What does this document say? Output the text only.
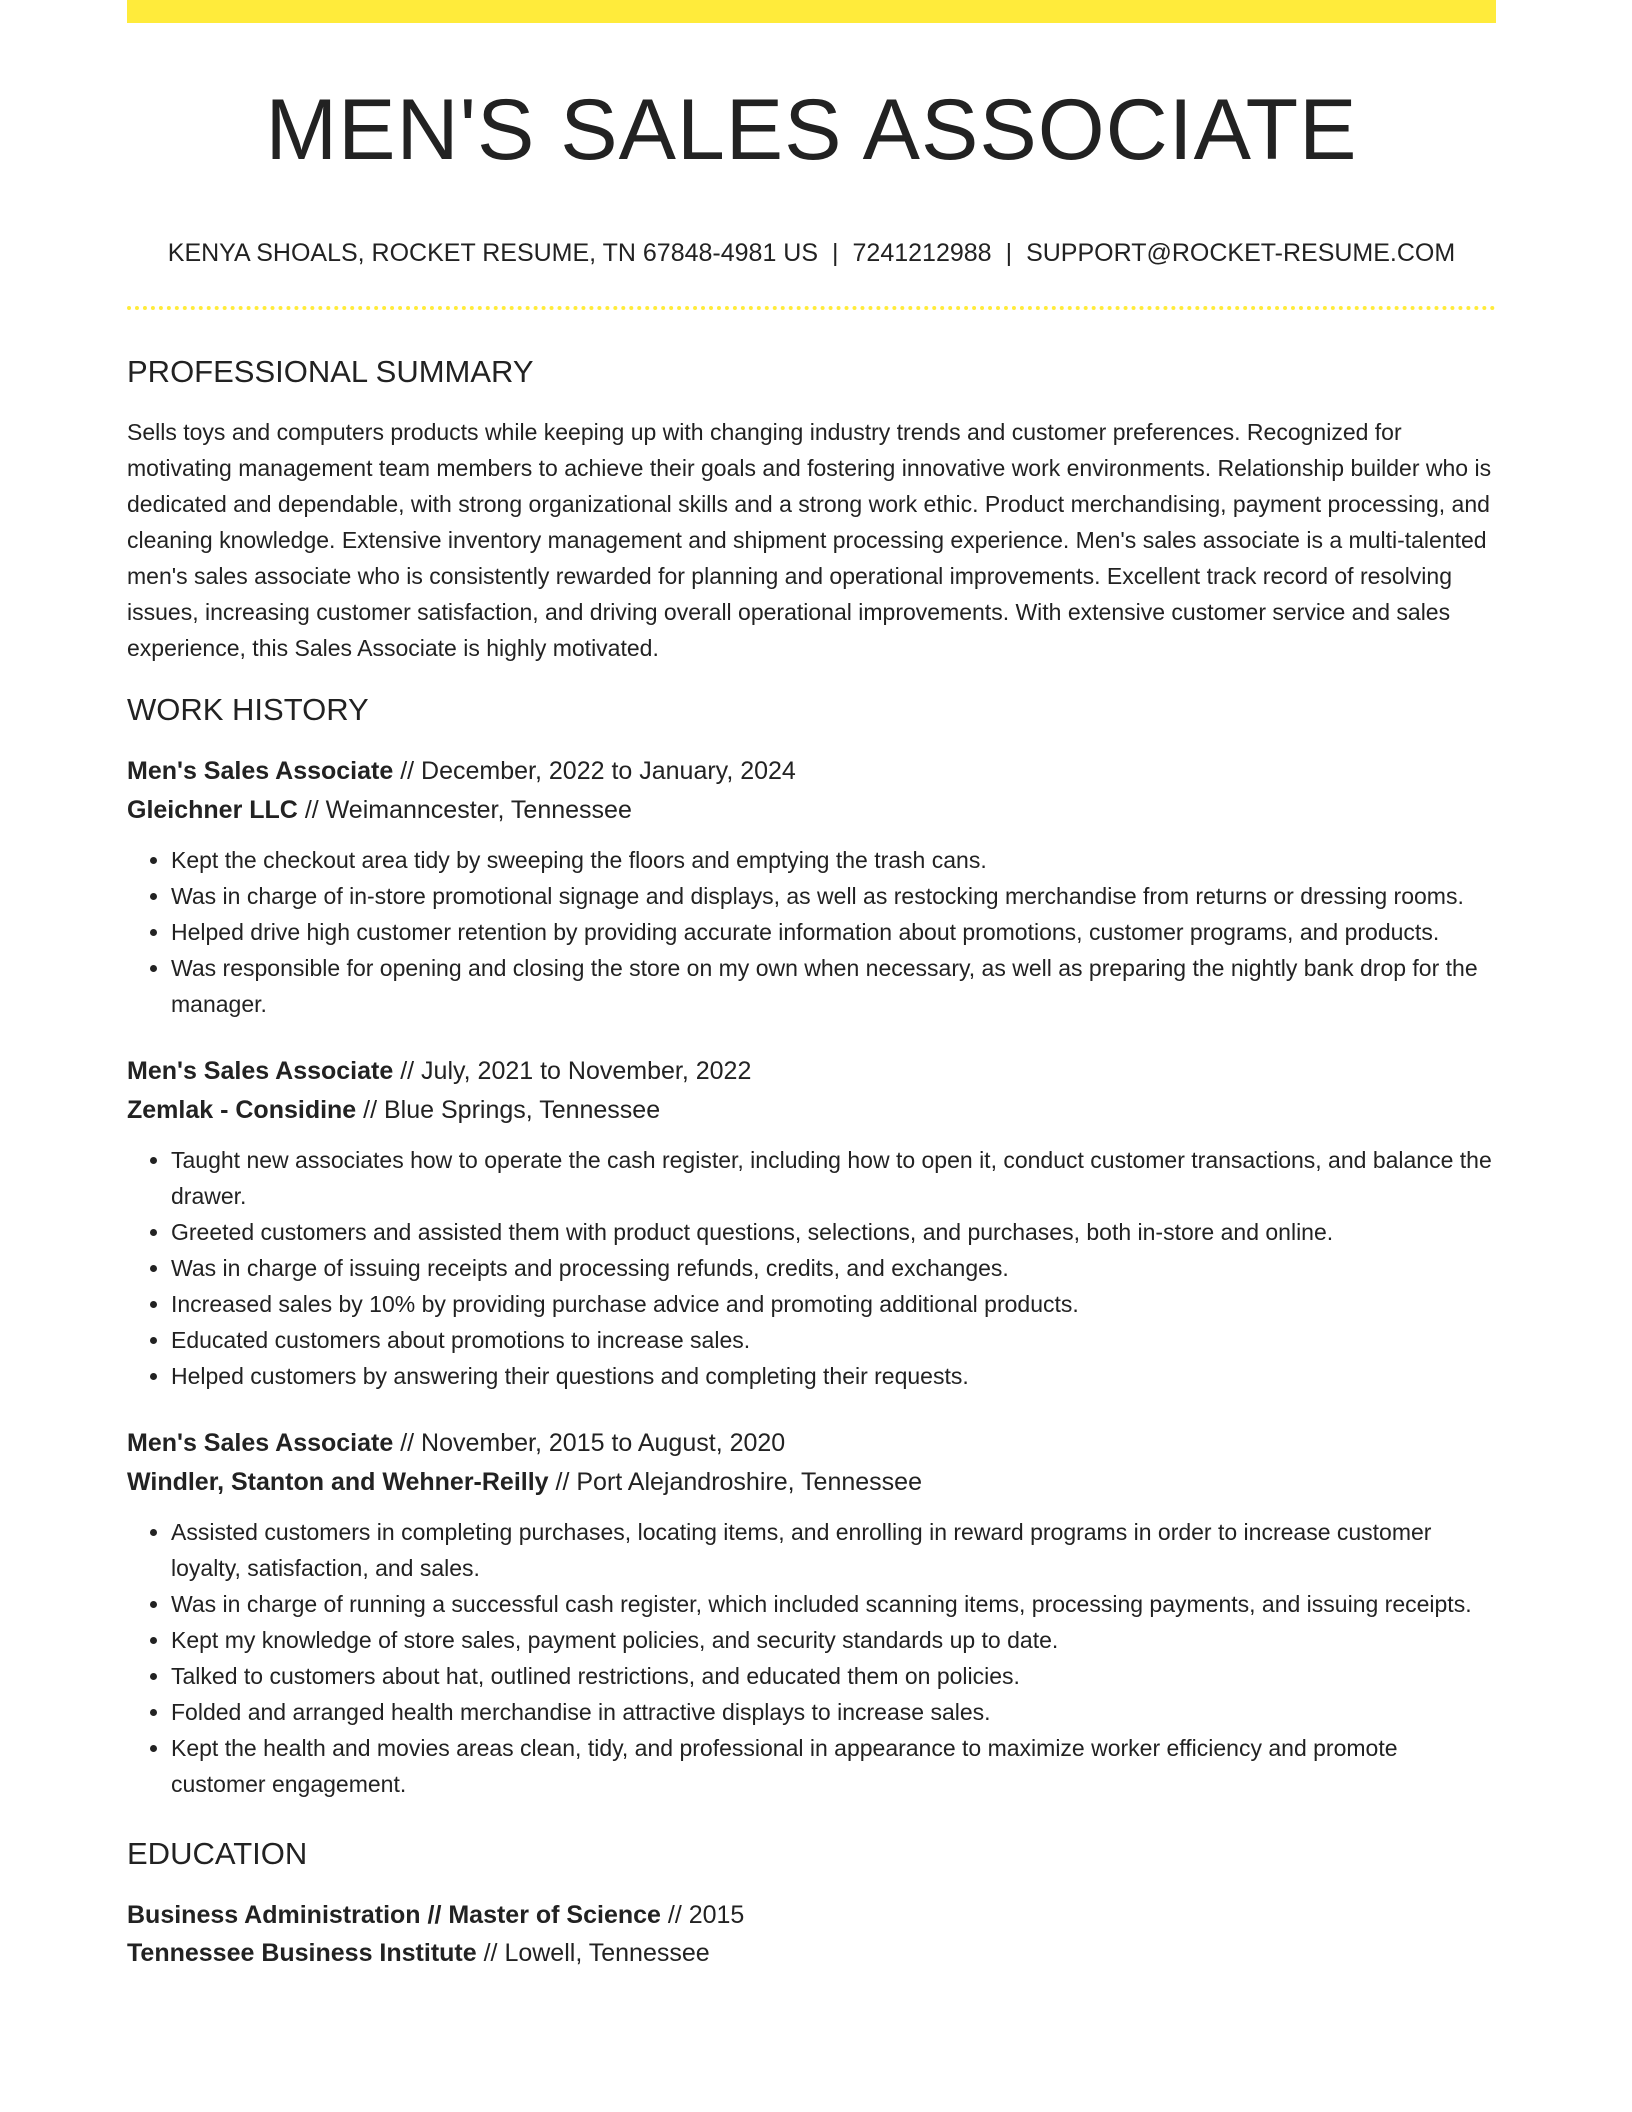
MEN'S SALES ASSOCIATE
KENYA SHOALS, ROCKET RESUME, TN 67848-4981 US | 7241212988 | SUPPORT@ROCKET-RESUME.COM
PROFESSIONAL SUMMARY

Sells toys and computers products while keeping up with changing industry trends and customer preferences. Recognized for motivating management team members to achieve their goals and fostering innovative work environments. Relationship builder who is dedicated and dependable, with strong organizational skills and a strong work ethic. Product merchandising, payment processing, and cleaning knowledge. Extensive inventory management and shipment processing experience. Men's sales associate is a multi-talented men's sales associate who is consistently rewarded for planning and operational improvements. Excellent track record of resolving issues, increasing customer satisfaction, and driving overall operational improvements. With extensive customer service and sales experience, this Sales Associate is highly motivated.

WORK HISTORY
Men's Sales Associate // December, 2022 to January, 2024
Gleichner LLC // Weimanncester, Tennessee
• Kept the checkout area tidy by sweeping the floors and emptying the trash cans.
• Was in charge of in-store promotional signage and displays, as well as restocking merchandise from returns or dressing rooms.
• Helped drive high customer retention by providing accurate information about promotions, customer programs, and products.
• Was responsible for opening and closing the store on my own when necessary, as well as preparing the nightly bank drop for the manager.
Men's Sales Associate // July, 2021 to November, 2022
Zemlak - Considine // Blue Springs, Tennessee
• Taught new associates how to operate the cash register, including how to open it, conduct customer transactions, and balance the drawer.
• Greeted customers and assisted them with product questions, selections, and purchases, both in-store and online.
• Was in charge of issuing receipts and processing refunds, credits, and exchanges.
• Increased sales by 10% by providing purchase advice and promoting additional products.
• Educated customers about promotions to increase sales.
• Helped customers by answering their questions and completing their requests.
Men's Sales Associate // November, 2015 to August, 2020
Windler, Stanton and Wehner-Reilly // Port Alejandroshire, Tennessee
• Assisted customers in completing purchases, locating items, and enrolling in reward programs in order to increase customer loyalty, satisfaction, and sales.
• Was in charge of running a successful cash register, which included scanning items, processing payments, and issuing receipts.
• Kept my knowledge of store sales, payment policies, and security standards up to date.
• Talked to customers about hat, outlined restrictions, and educated them on policies.
• Folded and arranged health merchandise in attractive displays to increase sales.
• Kept the health and movies areas clean, tidy, and professional in appearance to maximize worker efficiency and promote customer engagement.
EDUCATION
Business Administration // Master of Science // 2015
Tennessee Business Institute // Lowell, Tennessee
